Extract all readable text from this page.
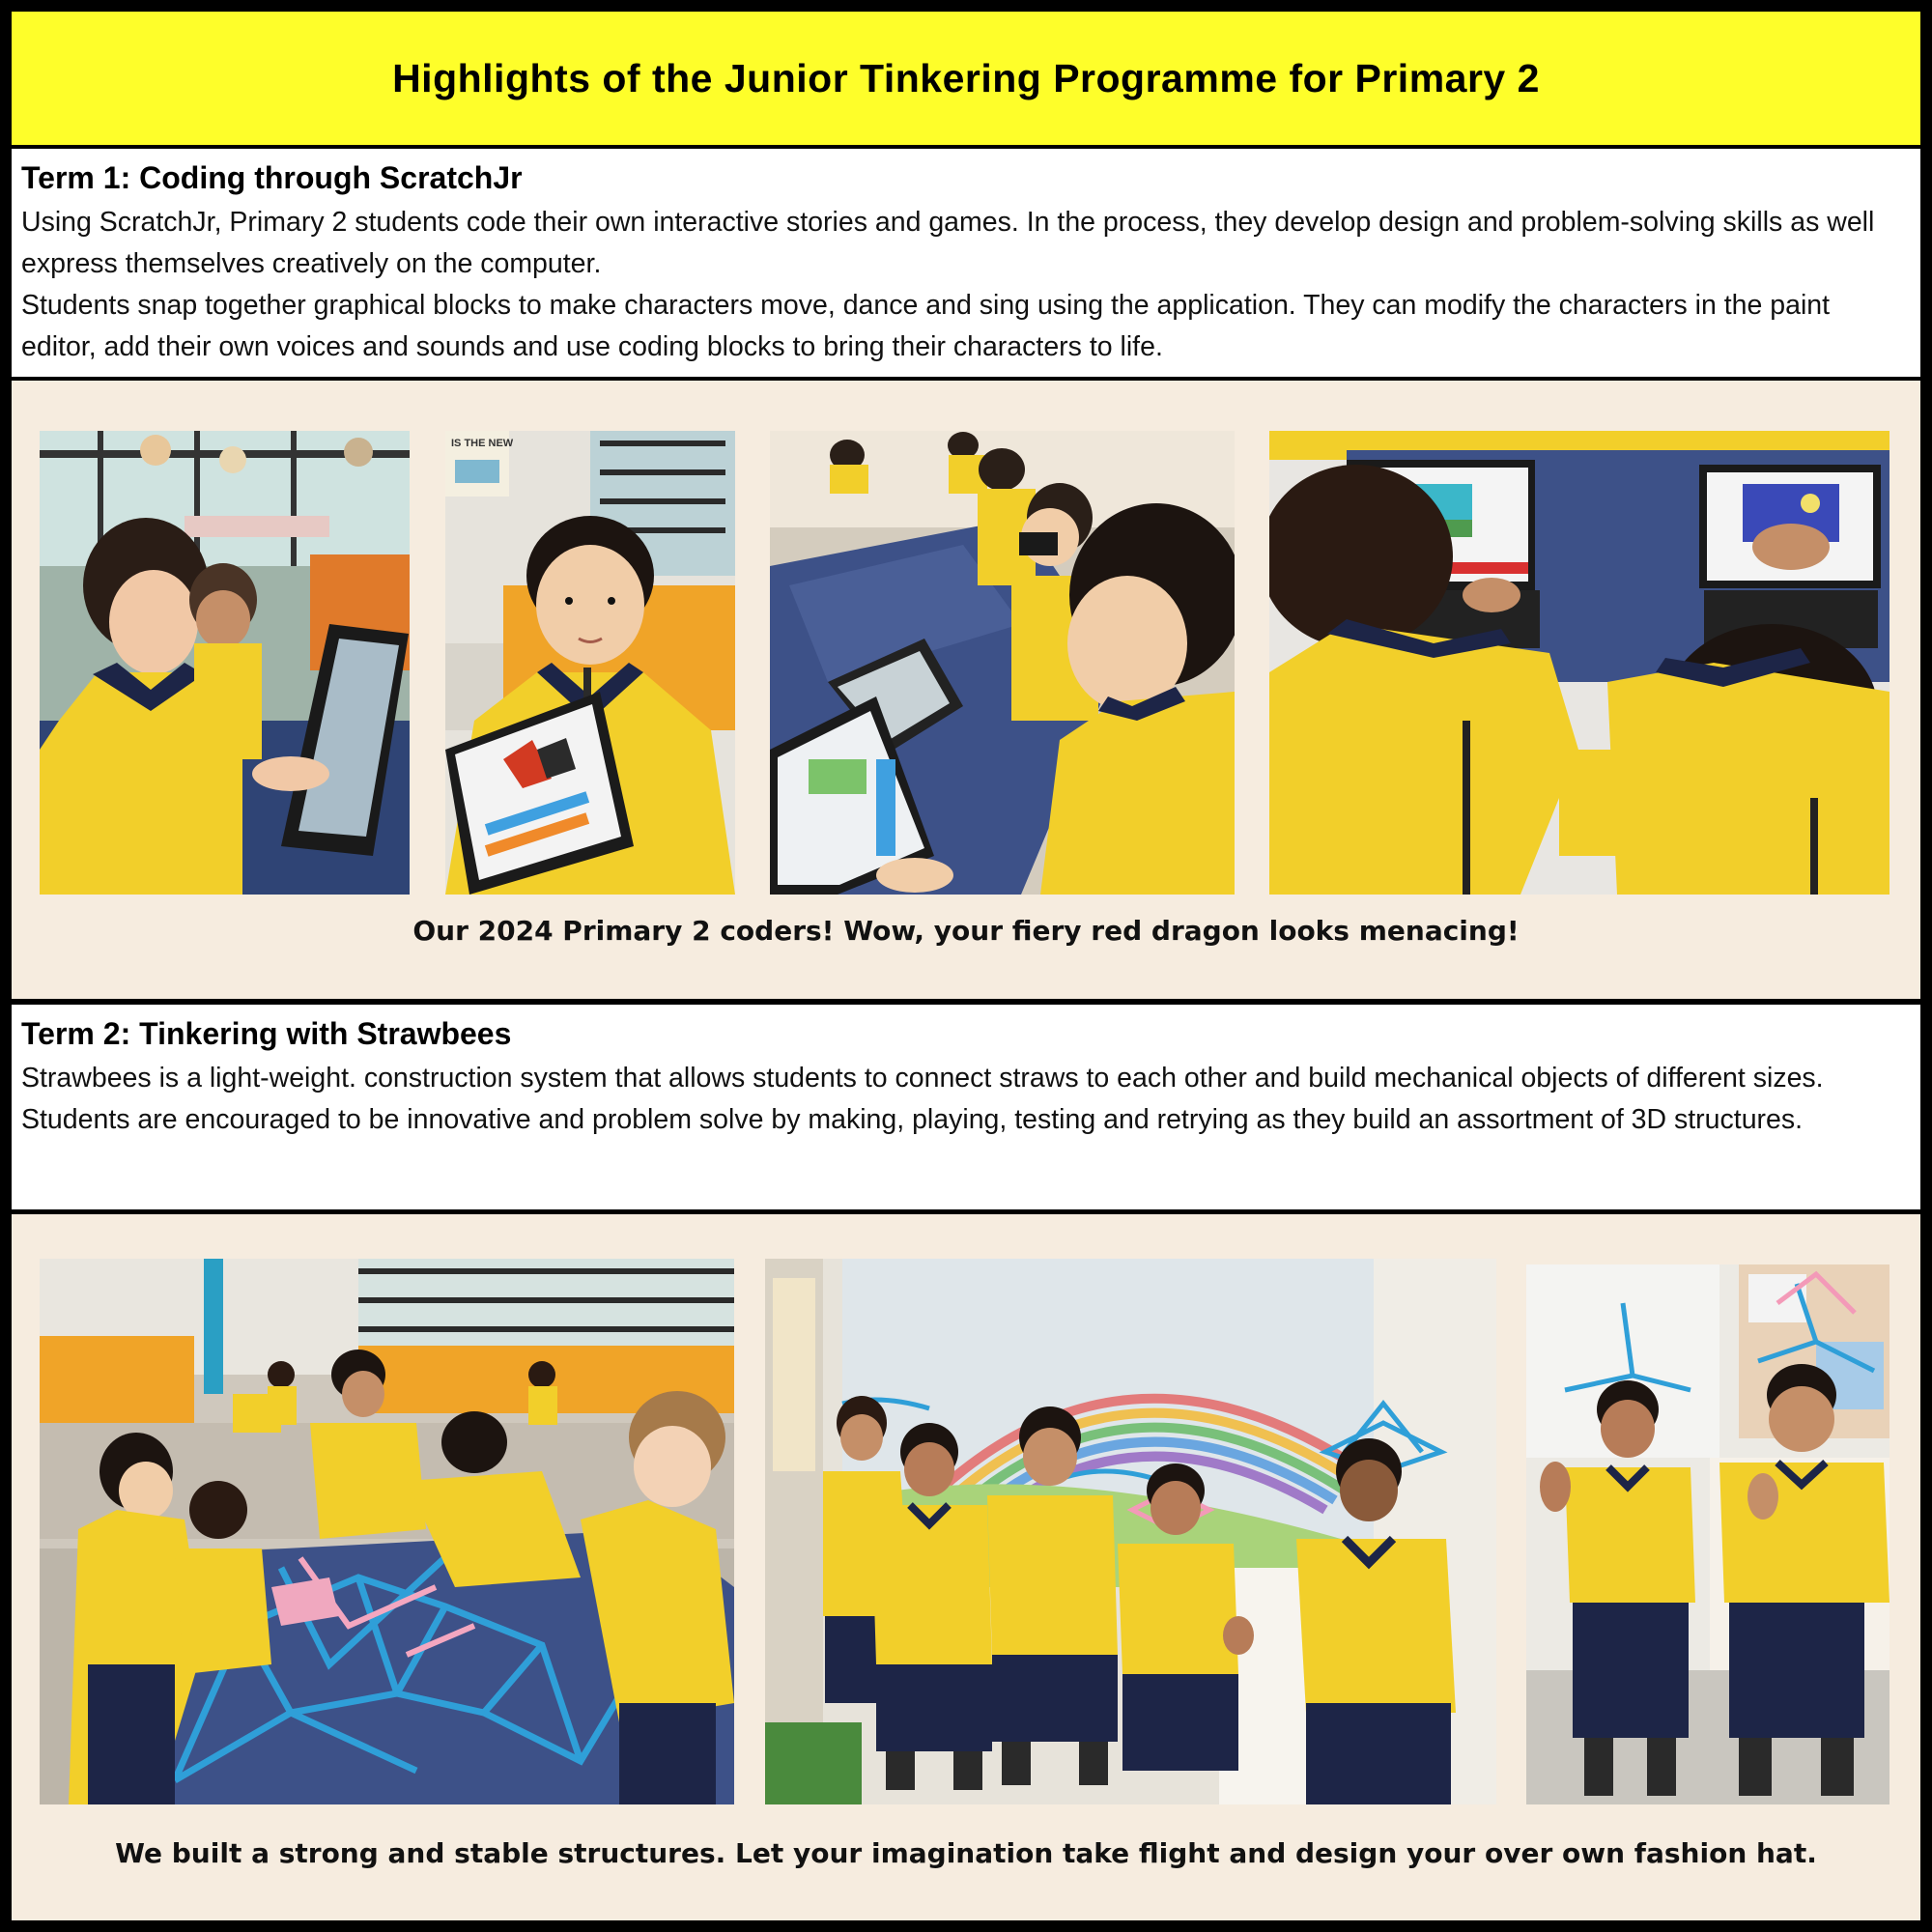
Highlights of the Junior Tinkering Programme for Primary 2
Term 1: Coding through ScratchJr

Using ScratchJr, Primary 2 students code their own interactive stories and games. In the process, they develop design and problem-solving skills as well express themselves creatively on the computer.

Students snap together graphical blocks to make characters move, dance and sing using the application. They can modify the characters in the paint editor, add their own voices and sounds and use coding blocks to bring their characters to life.

IS THE NEW
Our 2024 Primary 2 coders! Wow, your fiery red dragon looks menacing!
Term 2: Tinkering with Strawbees

Strawbees is a light-weight. construction system that allows students to connect straws to each other and build mechanical objects of different sizes. Students are encouraged to be innovative and problem solve by making, playing, testing and retrying as they build an assortment of 3D structures.

We built a strong and stable structures. Let your imagination take flight and design your over own fashion hat.
